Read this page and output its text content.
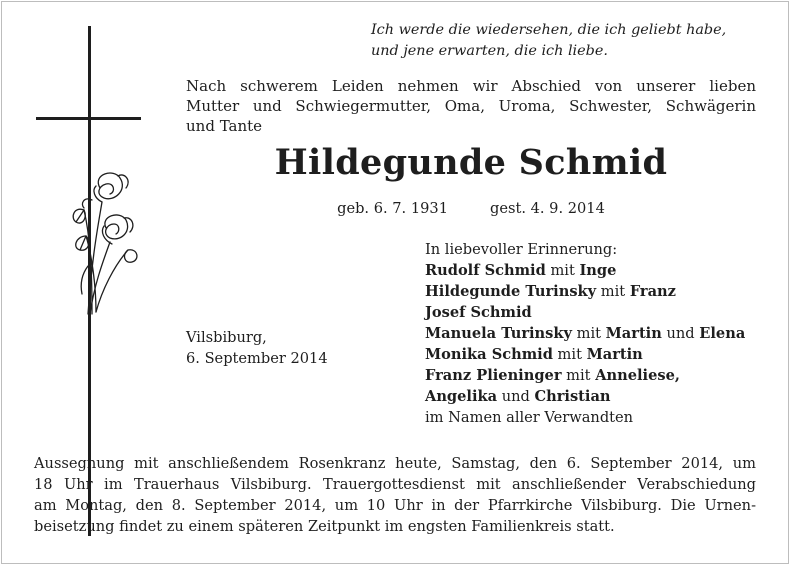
Ich werde die wiedersehen, die ich geliebt habe,
und jene erwarten, die ich liebe.
Nach schwerem Leiden nehmen wir Abschied von unserer lieben
Mutter und Schwiegermutter, Oma, Uroma, Schwester, Schwägerin
und Tante
Hildegunde Schmid
geb. 6. 7. 1931	gest. 4. 9. 2014
In liebevoller Erinnerung:
Rudolf Schmid mit Inge
Hildegunde Turinsky mit Franz
Josef Schmid
Manuela Turinsky mit Martin und Elena
Monika Schmid mit Martin
Franz Plieninger mit Anneliese,
Angelika und Christian
im Namen aller Verwandten
Vilsbiburg,
6. September 2014
Aussegnung mit anschließendem Rosenkranz heute, Samstag, den 6. September 2014, um
18 Uhr im Trauerhaus Vilsbiburg. Trauergottesdienst mit anschließender Verabschiedung
am Montag, den 8. September 2014, um 10 Uhr in der Pfarrkirche Vilsbiburg. Die Urnen-
beisetzung findet zu einem späteren Zeitpunkt im engsten Familienkreis statt.
